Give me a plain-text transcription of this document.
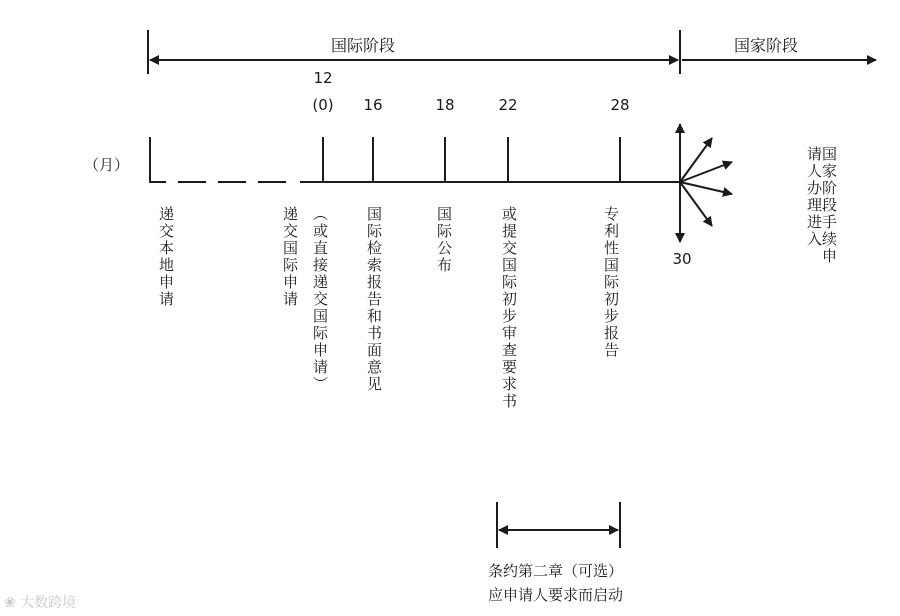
国际阶段	国家阶段
（月）
12
(0)	16	18	22	28
30
递交本地申请	递交国际申请 （或直接递交国际申请） 国际检索报告和书面意见	国际公布	或提交国际初步审查要求书	专利性国际初步报告
国家阶段手续申请人办理进入
条约第二章（可选）
应申请人要求而启动
❀ 大数跨境
